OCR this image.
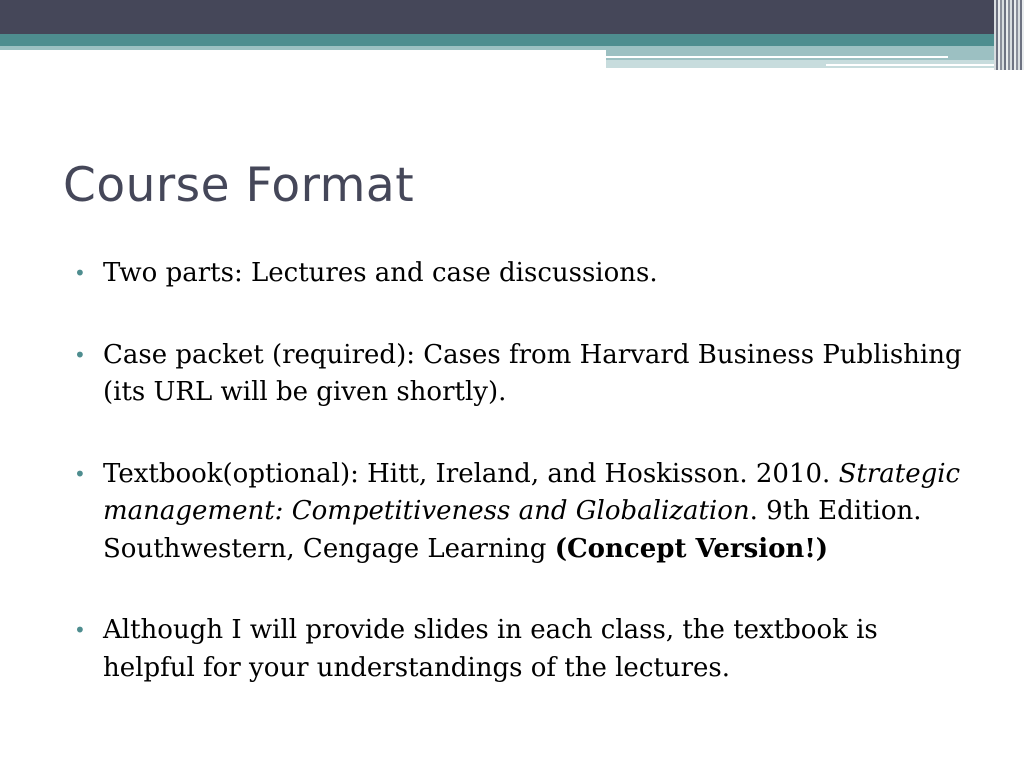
Course Format
• Two parts: Lectures and case discussions.
• Case packet (required): Cases from Harvard Business Publishing (its URL will be given shortly).
• Textbook(optional): Hitt, Ireland, and Hoskisson. 2010. Strategic management: Competitiveness and Globalization. 9th Edition. Southwestern, Cengage Learning (Concept Version!)
• Although I will provide slides in each class, the textbook is helpful for your understandings of the lectures.
